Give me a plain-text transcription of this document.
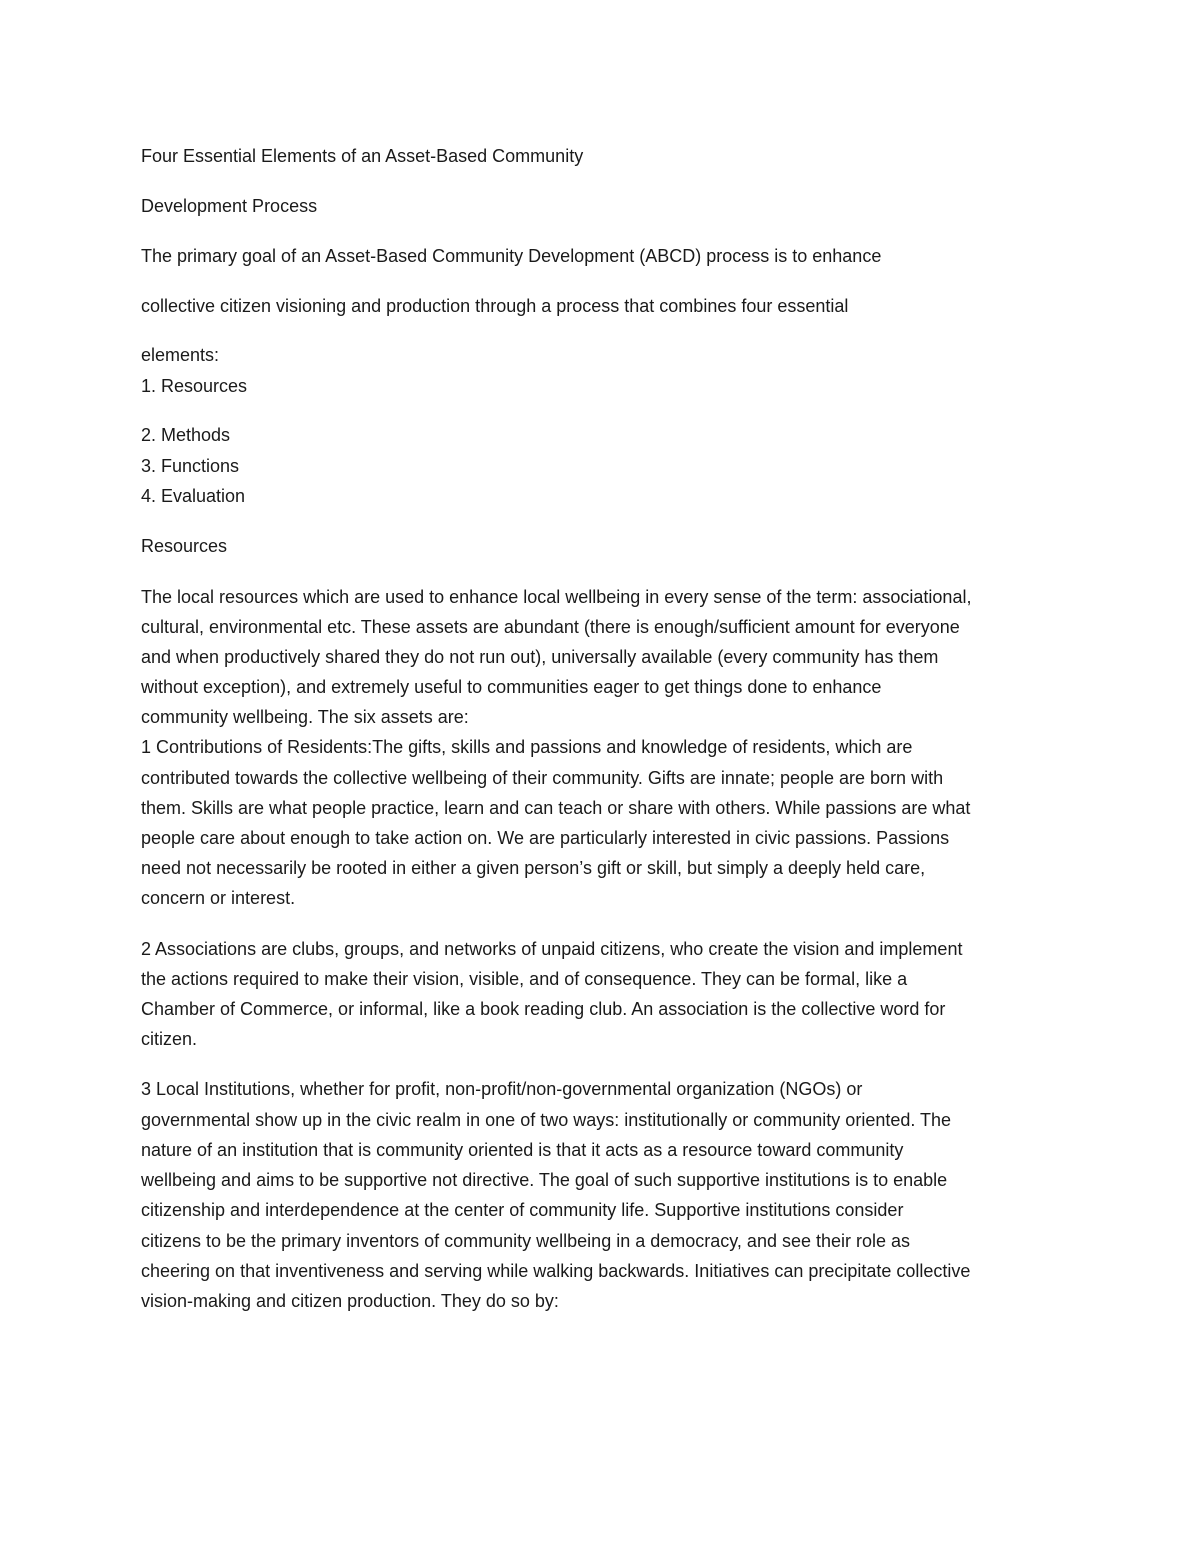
Four Essential Elements of an Asset-Based Community
Development Process
The primary goal of an Asset-Based Community Development (ABCD) process is to enhance
collective citizen visioning and production through a process that combines four essential
elements:
1. Resources
2. Methods
3. Functions
4. Evaluation
Resources
The local resources which are used to enhance local wellbeing in every sense of the term: associational,
cultural, environmental etc. These assets are abundant (there is enough/sufficient amount for everyone
and when productively shared they do not run out), universally available (every community has them
without exception), and extremely useful to communities eager to get things done to enhance
community wellbeing. The six assets are:
1 Contributions of Residents:The gifts, skills and passions and knowledge of residents, which are
contributed towards the collective wellbeing of their community. Gifts are innate; people are born with
them. Skills are what people practice, learn and can teach or share with others. While passions are what
people care about enough to take action on. We are particularly interested in civic passions. Passions
need not necessarily be rooted in either a given person’s gift or skill, but simply a deeply held care,
concern or interest.
2 Associations are clubs, groups, and networks of unpaid citizens, who create the vision and implement
the actions required to make their vision, visible, and of consequence. They can be formal, like a
Chamber of Commerce, or informal, like a book reading club. An association is the collective word for
citizen.
3 Local Institutions, whether for profit, non-profit/non-governmental organization (NGOs) or
governmental show up in the civic realm in one of two ways: institutionally or community oriented. The
nature of an institution that is community oriented is that it acts as a resource toward community
wellbeing and aims to be supportive not directive. The goal of such supportive institutions is to enable
citizenship and interdependence at the center of community life. Supportive institutions consider
citizens to be the primary inventors of community wellbeing in a democracy, and see their role as
cheering on that inventiveness and serving while walking backwards. Initiatives can precipitate collective
vision-making and citizen production. They do so by:
